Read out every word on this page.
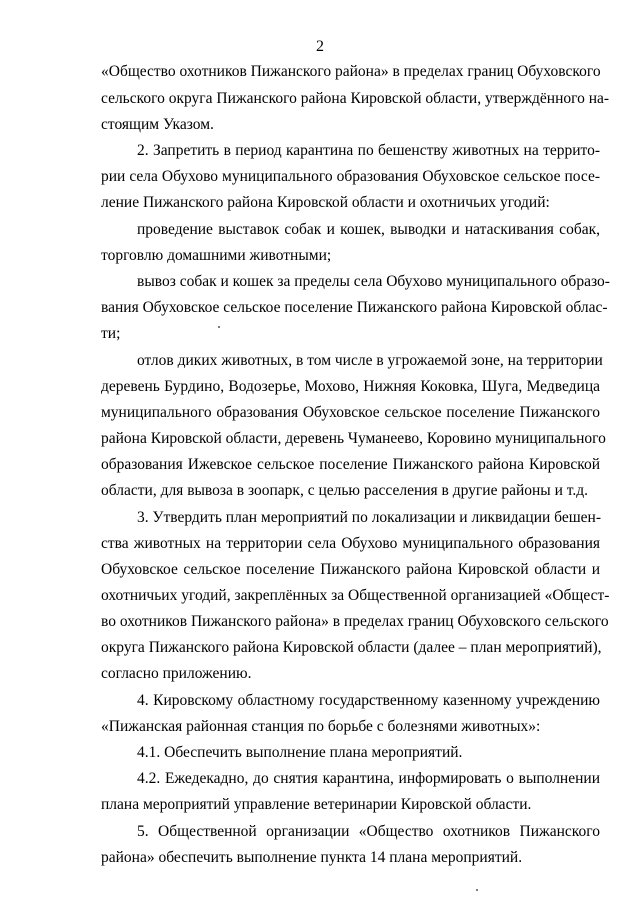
2
«Общество охотников Пижанского района» в пределах границ Обуховского
сельского округа Пижанского района Кировской области, утверждённого на-
стоящим Указом.
2. Запретить в период карантина по бешенству животных на террито-
рии села Обухово муниципального образования Обуховское сельское посе-
ление Пижанского района Кировской области и охотничьих угодий:
проведение выставок собак и кошек, выводки и натаскивания собак,
торговлю домашними животными;
вывоз собак и кошек за пределы села Обухово муниципального образо-
вания Обуховское сельское поселение Пижанского района Кировской облас-
ти;
отлов диких животных, в том числе в угрожаемой зоне, на территории
деревень Бурдино, Водозерье, Мохово, Нижняя Коковка, Шуга, Медведица
муниципального образования Обуховское сельское поселение Пижанского
района Кировской области, деревень Чуманеево, Коровино муниципального
образования Ижевское сельское поселение Пижанского района Кировской
области, для вывоза в зоопарк, с целью расселения в другие районы и т.д.
3. Утвердить план мероприятий по локализации и ликвидации бешен-
ства животных на территории села Обухово муниципального образования
Обуховское сельское поселение Пижанского района Кировской области и
охотничьих угодий, закреплённых за Общественной организацией «Общест-
во охотников Пижанского района» в пределах границ Обуховского сельского
округа Пижанского района Кировской области (далее – план мероприятий),
согласно приложению.
4. Кировскому областному государственному казенному учреждению
«Пижанская районная станция по борьбе с болезнями животных»:
4.1. Обеспечить выполнение плана мероприятий.
4.2. Ежедекадно, до снятия карантина, информировать о выполнении
плана мероприятий управление ветеринарии Кировской области.
5. Общественной организации «Общество охотников Пижанского
района» обеспечить выполнение пункта 14 плана мероприятий.
